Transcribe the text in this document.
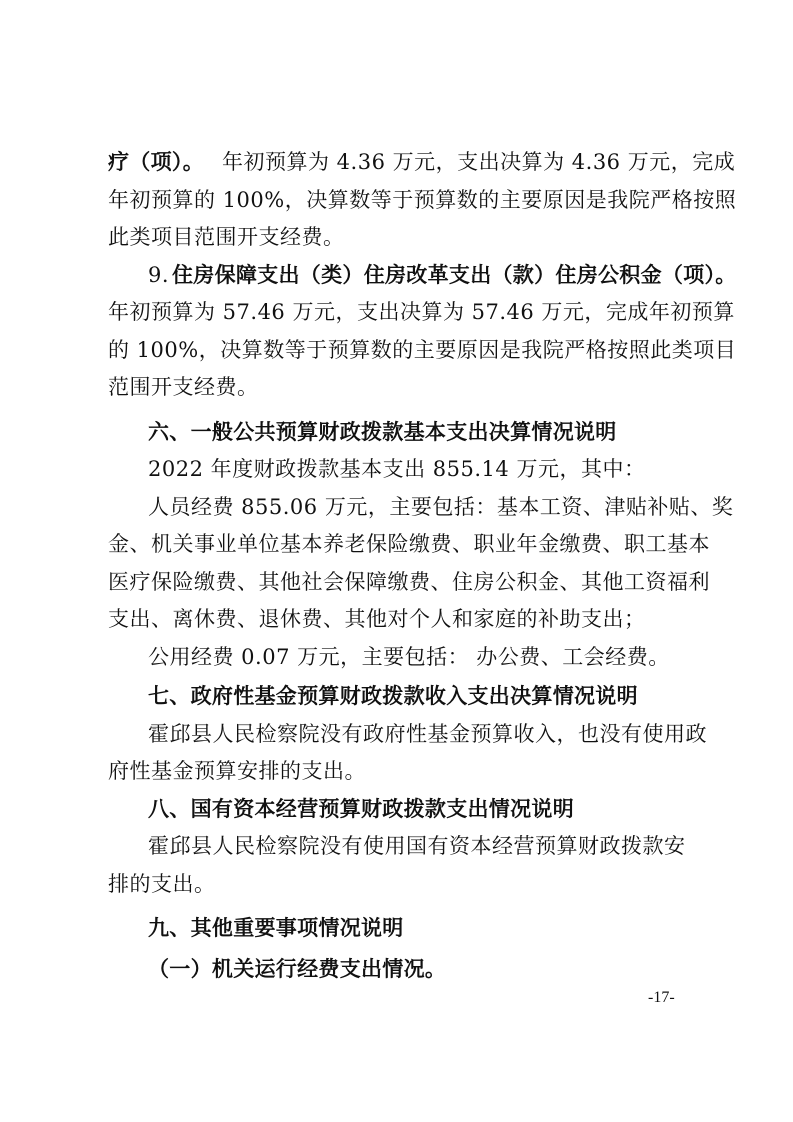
疗（项）。 年初预算为 4.36 万元，支出决算为 4.36 万元，完成
年初预算的 100%，决算数等于预算数的主要原因是我院严格按照
此类项目范围开支经费。
9. 住房保障支出（类）住房改革支出（款）住房公积金（项）。
年初预算为 57.46 万元，支出决算为 57.46 万元，完成年初预算
的 100%，决算数等于预算数的主要原因是我院严格按照此类项目
范围开支经费。
六、一般公共预算财政拨款基本支出决算情况说明
2022 年度财政拨款基本支出 855.14 万元，其中：
人员经费 855.06 万元，主要包括：基本工资、津贴补贴、奖
金、机关事业单位基本养老保险缴费、职业年金缴费、职工基本
医疗保险缴费、其他社会保障缴费、住房公积金、其他工资福利
支出、离休费、退休费、其他对个人和家庭的补助支出；
公用经费 0.07 万元，主要包括： 办公费、工会经费。
七、政府性基金预算财政拨款收入支出决算情况说明
霍邱县人民检察院没有政府性基金预算收入，也没有使用政
府性基金预算安排的支出。
八、国有资本经营预算财政拨款支出情况说明
霍邱县人民检察院没有使用国有资本经营预算财政拨款安
排的支出。
九、其他重要事项情况说明
（一）机关运行经费支出情况。
-17-
